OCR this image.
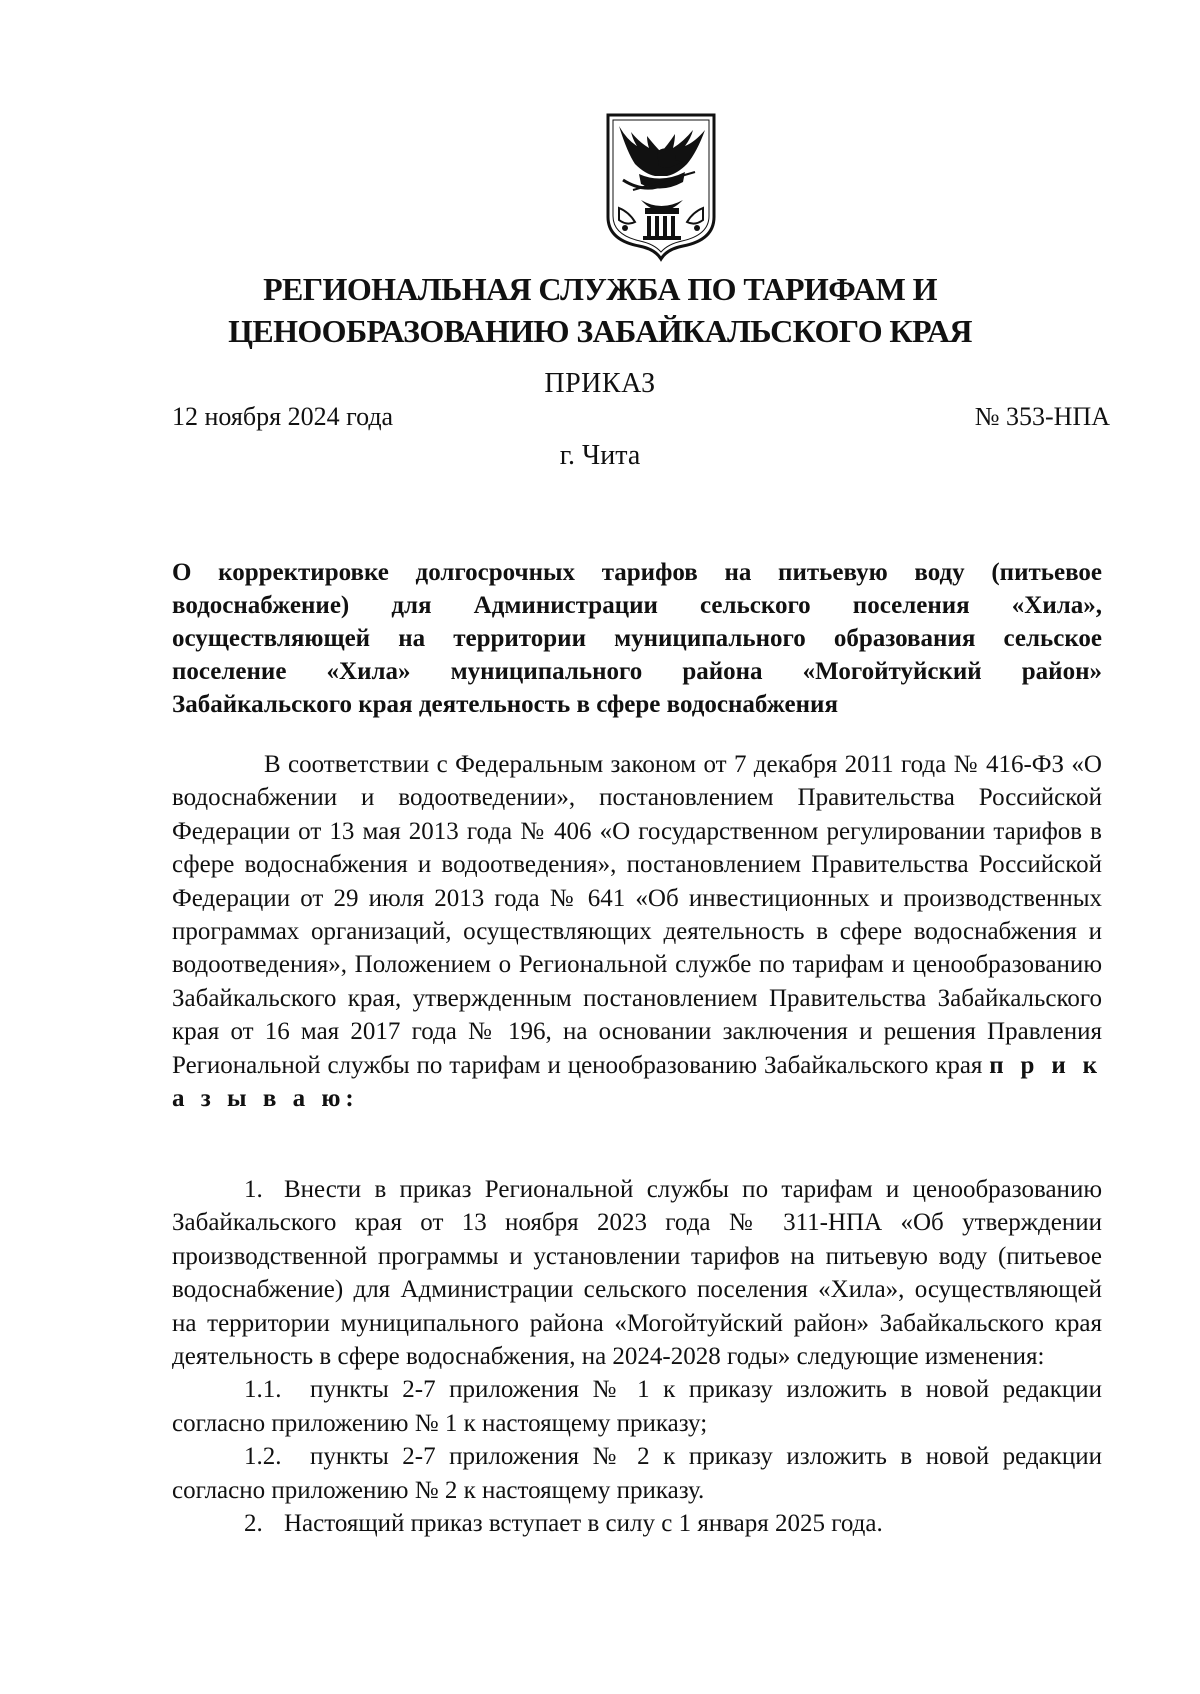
РЕГИОНАЛЬНАЯ СЛУЖБА ПО ТАРИФАМ И
ЦЕНООБРАЗОВАНИЮ ЗАБАЙКАЛЬСКОГО КРАЯ
ПРИКАЗ
12 ноября 2024 года	№ 353-НПА
г. Чита
О корректировке долгосрочных тарифов на питьевую воду (питьевое водоснабжение) для Администрации сельского поселения «Хила», осуществляющей на территории муниципального образования сельское поселение «Хила» муниципального района «Могойтуйский район» Забайкальского края деятельность в сфере водоснабжения
В соответствии с Федеральным законом от 7 декабря 2011 года № 416-ФЗ «О водоснабжении и водоотведении», постановлением Правительства Российской Федерации от 13 мая 2013 года № 406 «О государственном регулировании тарифов в сфере водоснабжения и водоотведения», постановлением Правительства Российской Федерации от 29 июля 2013 года № 641 «Об инвестиционных и производственных программах организаций, осуществляющих деятельность в сфере водоснабжения и водоотведения», Положением о Региональной службе по тарифам и ценообразованию Забайкальского края, утвержденным постановлением Правительства Забайкальского края от 16 мая 2017 года № 196, на основании заключения и решения Правления Региональной службы по тарифам и ценообразованию Забайкальского края п р и к а з ы в а ю:

1. Внести в приказ Региональной службы по тарифам и ценообразованию Забайкальского края от 13 ноября 2023 года № 311-НПА «Об утверждении производственной программы и установлении тарифов на питьевую воду (питьевое водоснабжение) для Администрации сельского поселения «Хила», осуществляющей на территории муниципального района «Могойтуйский район» Забайкальского края деятельность в сфере водоснабжения, на 2024-2028 годы» следующие изменения:

1.1. пункты 2-7 приложения № 1 к приказу изложить в новой редакции согласно приложению № 1 к настоящему приказу;

1.2. пункты 2-7 приложения № 2 к приказу изложить в новой редакции согласно приложению № 2 к настоящему приказу.

2. Настоящий приказ вступает в силу с 1 января 2025 года.
